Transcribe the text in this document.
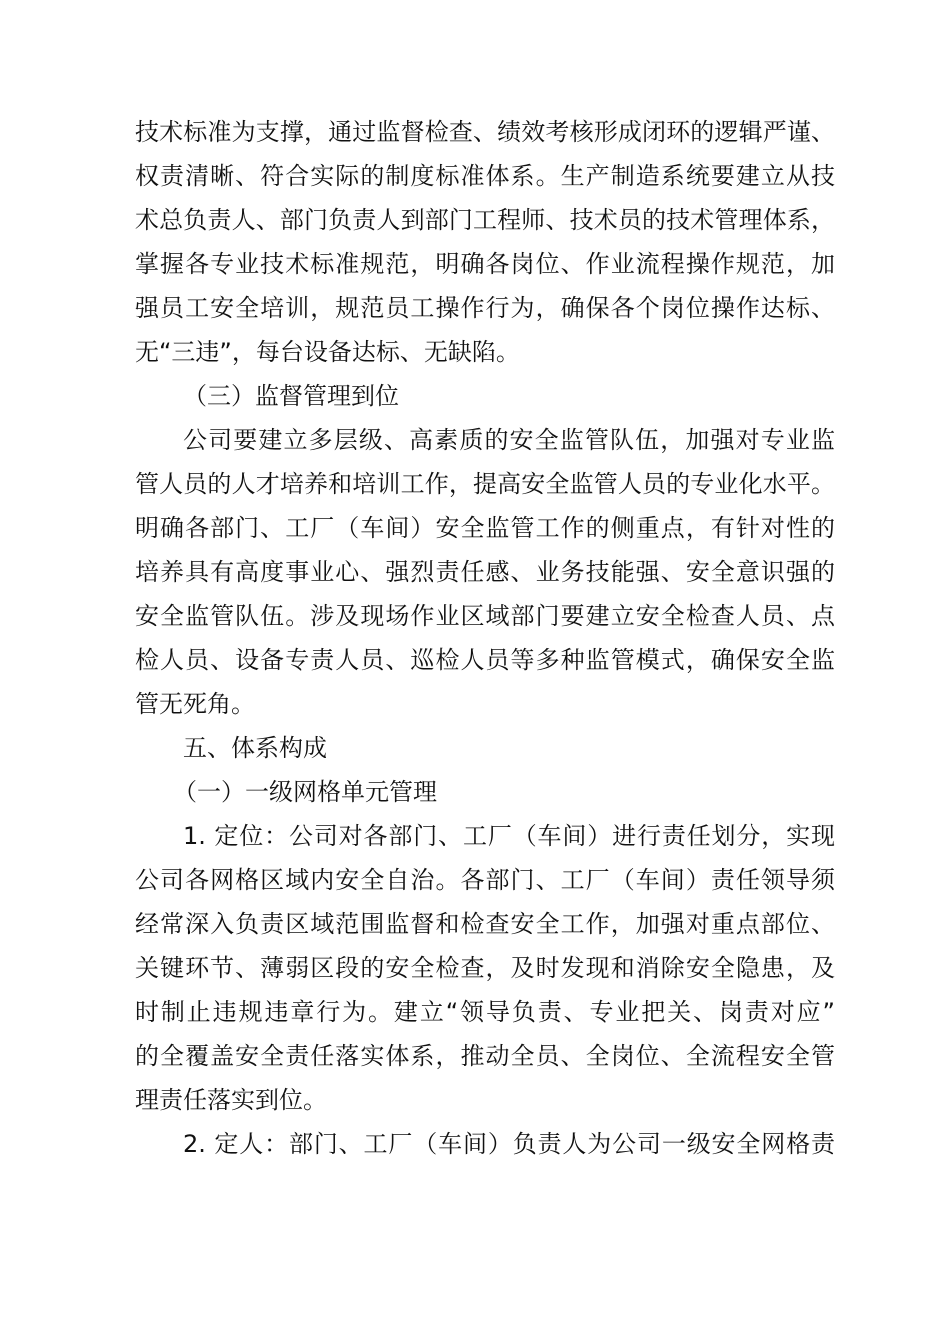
技术标准为支撑，通过监督检查、绩效考核形成闭环的逻辑严谨、
权责清晰、符合实际的制度标准体系。生产制造系统要建立从技
术总负责人、部门负责人到部门工程师、技术员的技术管理体系，
掌握各专业技术标准规范，明确各岗位、作业流程操作规范，加
强员工安全培训，规范员工操作行为，确保各个岗位操作达标、
无“三违”，每台设备达标、无缺陷。
（三）监督管理到位
公司要建立多层级、高素质的安全监管队伍，加强对专业监
管人员的人才培养和培训工作，提高安全监管人员的专业化水平。
明确各部门、工厂（车间）安全监管工作的侧重点，有针对性的
培养具有高度事业心、强烈责任感、业务技能强、安全意识强的
安全监管队伍。涉及现场作业区域部门要建立安全检查人员、点
检人员、设备专责人员、巡检人员等多种监管模式，确保安全监
管无死角。
五、体系构成
（一）一级网格单元管理
1. 定位：公司对各部门、工厂（车间）进行责任划分，实现
公司各网格区域内安全自治。各部门、工厂（车间）责任领导须
经常深入负责区域范围监督和检查安全工作，加强对重点部位、
关键环节、薄弱区段的安全检查，及时发现和消除安全隐患，及
时制止违规违章行为。建立“领导负责、专业把关、岗责对应”
的全覆盖安全责任落实体系，推动全员、全岗位、全流程安全管
理责任落实到位。
2. 定人：部门、工厂（车间）负责人为公司一级安全网格责
